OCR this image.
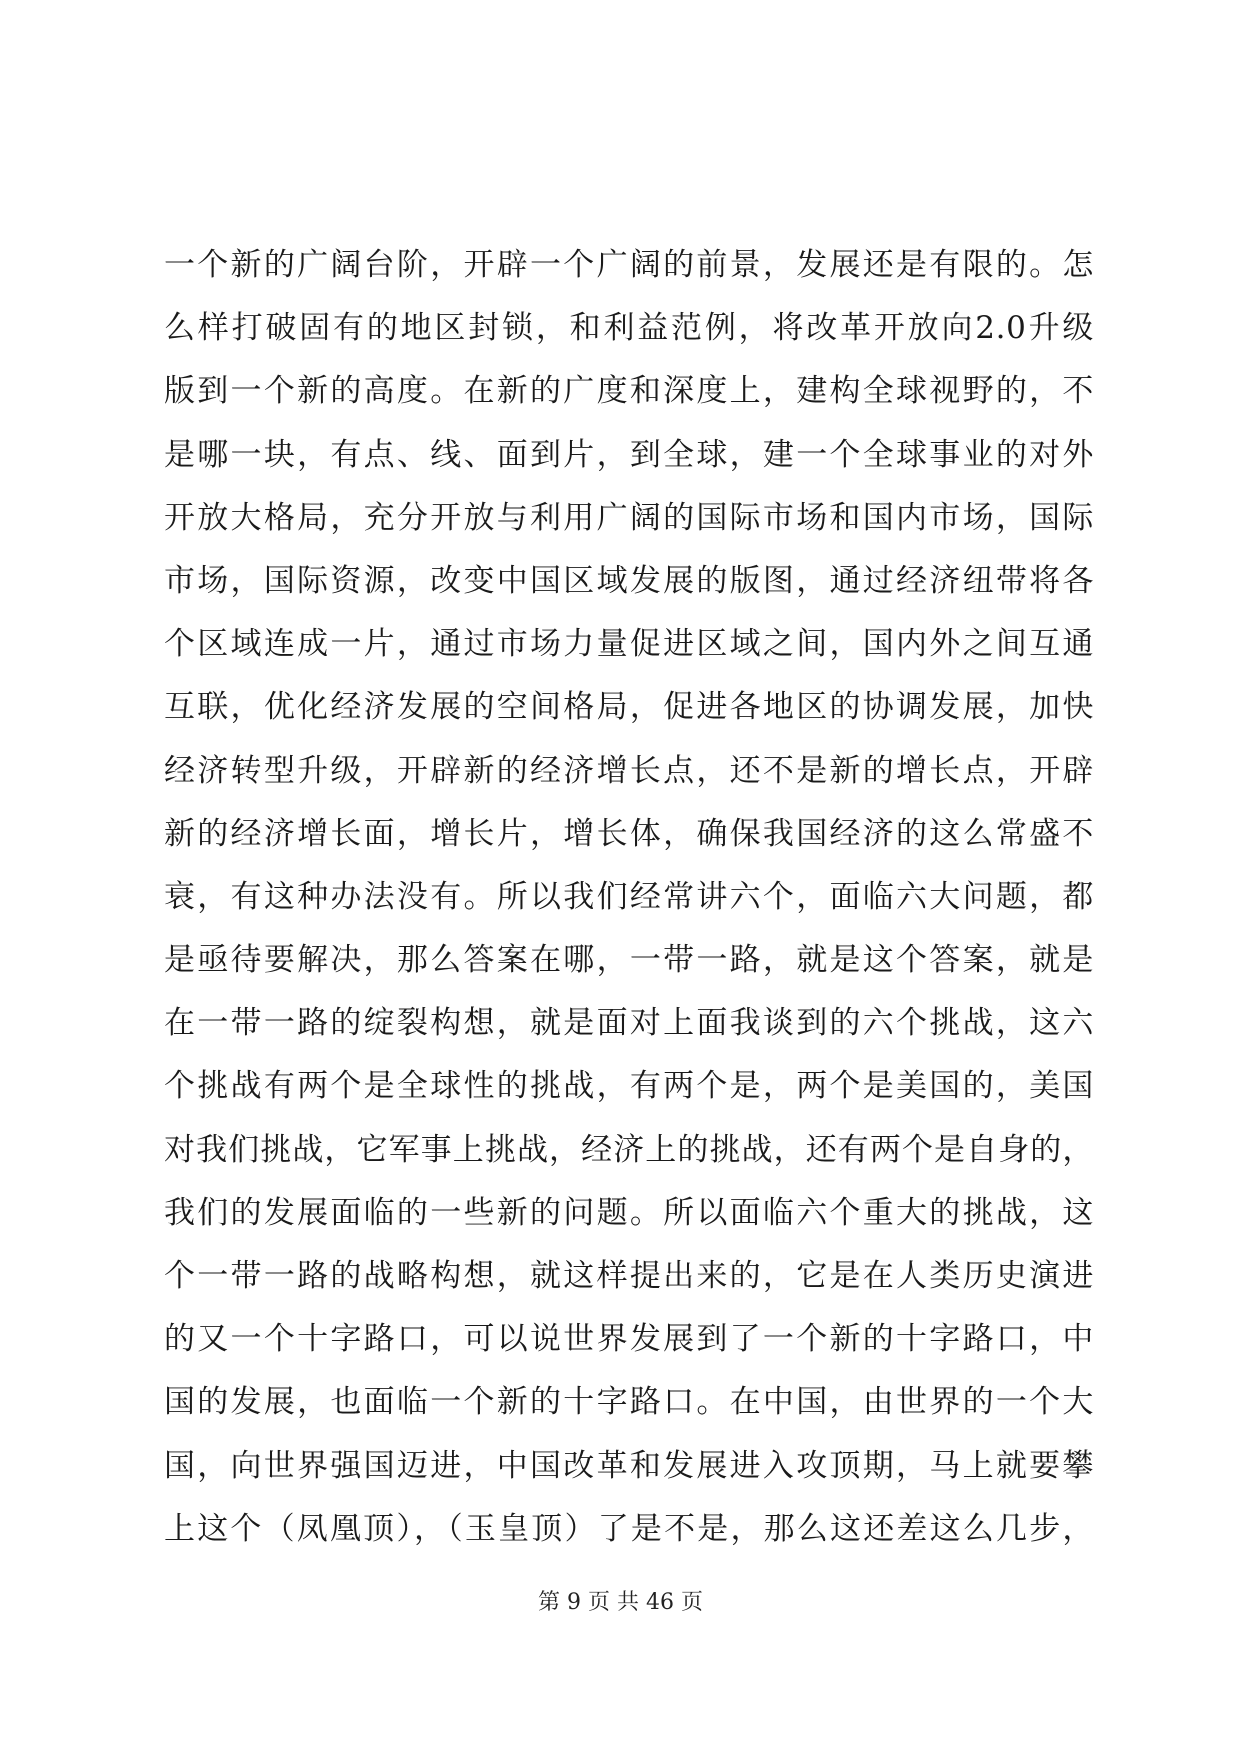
一个新的广阔台阶，开辟一个广阔的前景，发展还是有限的。怎
么样打破固有的地区封锁，和利益范例，将改革开放向2.0升级
版到一个新的高度。在新的广度和深度上，建构全球视野的，不
是哪一块，有点、线、面到片，到全球，建一个全球事业的对外
开放大格局，充分开放与利用广阔的国际市场和国内市场，国际
市场，国际资源，改变中国区域发展的版图，通过经济纽带将各
个区域连成一片，通过市场力量促进区域之间，国内外之间互通
互联，优化经济发展的空间格局，促进各地区的协调发展，加快
经济转型升级，开辟新的经济增长点，还不是新的增长点，开辟
新的经济增长面，增长片，增长体，确保我国经济的这么常盛不
衰，有这种办法没有。所以我们经常讲六个，面临六大问题，都
是亟待要解决，那么答案在哪，一带一路，就是这个答案，就是
在一带一路的绽裂构想，就是面对上面我谈到的六个挑战，这六
个挑战有两个是全球性的挑战，有两个是，两个是美国的，美国
对我们挑战，它军事上挑战，经济上的挑战，还有两个是自身的，
我们的发展面临的一些新的问题。所以面临六个重大的挑战，这
个一带一路的战略构想，就这样提出来的，它是在人类历史演进
的又一个十字路口，可以说世界发展到了一个新的十字路口，中
国的发展，也面临一个新的十字路口。在中国，由世界的一个大
国，向世界强国迈进，中国改革和发展进入攻顶期，马上就要攀
上这个（凤凰顶），（玉皇顶）了是不是，那么这还差这么几步，
第 9 页 共 46 页
